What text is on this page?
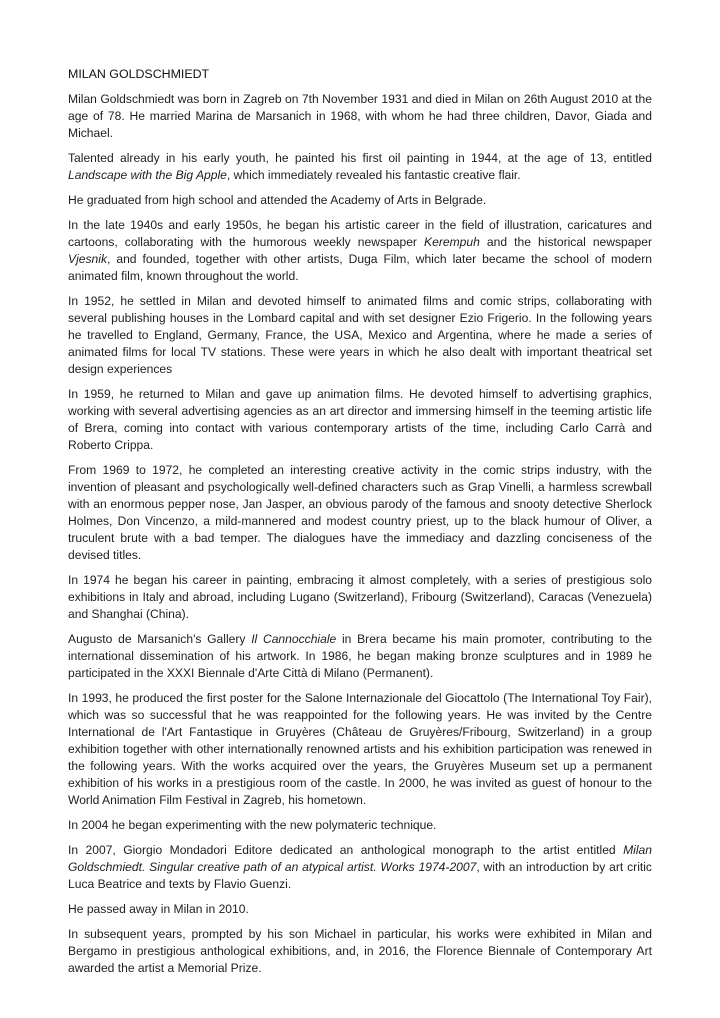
MILAN GOLDSCHMIEDT

Milan Goldschmiedt was born in Zagreb on 7th November 1931 and died in Milan on 26th August 2010 at the age of 78. He married Marina de Marsanich in 1968, with whom he had three children, Davor, Giada and Michael.

Talented already in his early youth, he painted his first oil painting in 1944, at the age of 13, entitled Landscape with the Big Apple, which immediately revealed his fantastic creative flair.

He graduated from high school and attended the Academy of Arts in Belgrade.

In the late 1940s and early 1950s, he began his artistic career in the field of illustration, caricatures and cartoons, collaborating with the humorous weekly newspaper Kerempuh and the historical newspaper Vjesnik, and founded, together with other artists, Duga Film, which later became the school of modern animated film, known throughout the world.

In 1952, he settled in Milan and devoted himself to animated films and comic strips, collaborating with several publishing houses in the Lombard capital and with set designer Ezio Frigerio. In the following years he travelled to England, Germany, France, the USA, Mexico and Argentina, where he made a series of animated films for local TV stations. These were years in which he also dealt with important theatrical set design experiences

In 1959, he returned to Milan and gave up animation films. He devoted himself to advertising graphics, working with several advertising agencies as an art director and immersing himself in the teeming artistic life of Brera, coming into contact with various contemporary artists of the time, including Carlo Carrà and Roberto Crippa.

From 1969 to 1972, he completed an interesting creative activity in the comic strips industry, with the invention of pleasant and psychologically well-defined characters such as Grap Vinelli, a harmless screwball with an enormous pepper nose, Jan Jasper, an obvious parody of the famous and snooty detective Sherlock Holmes, Don Vincenzo, a mild-mannered and modest country priest, up to the black humour of Oliver, a truculent brute with a bad temper. The dialogues have the immediacy and dazzling conciseness of the devised titles.

In 1974 he began his career in painting, embracing it almost completely, with a series of prestigious solo exhibitions in Italy and abroad, including Lugano (Switzerland), Fribourg (Switzerland), Caracas (Venezuela) and Shanghai (China).

Augusto de Marsanich's Gallery Il Cannocchiale in Brera became his main promoter, contributing to the international dissemination of his artwork. In 1986, he began making bronze sculptures and in 1989 he participated in the XXXI Biennale d'Arte Città di Milano (Permanent).

In 1993, he produced the first poster for the Salone Internazionale del Giocattolo (The International Toy Fair), which was so successful that he was reappointed for the following years. He was invited by the Centre International de l'Art Fantastique in Gruyères (Château de Gruyères/Fribourg, Switzerland) in a group exhibition together with other internationally renowned artists and his exhibition participation was renewed in the following years. With the works acquired over the years, the Gruyères Museum set up a permanent exhibition of his works in a prestigious room of the castle. In 2000, he was invited as guest of honour to the World Animation Film Festival in Zagreb, his hometown.

In 2004 he began experimenting with the new polymateric technique.

In 2007, Giorgio Mondadori Editore dedicated an anthological monograph to the artist entitled Milan Goldschmiedt. Singular creative path of an atypical artist. Works 1974-2007, with an introduction by art critic Luca Beatrice and texts by Flavio Guenzi.

He passed away in Milan in 2010.

In subsequent years, prompted by his son Michael in particular, his works were exhibited in Milan and Bergamo in prestigious anthological exhibitions, and, in 2016, the Florence Biennale of Contemporary Art awarded the artist a Memorial Prize.
